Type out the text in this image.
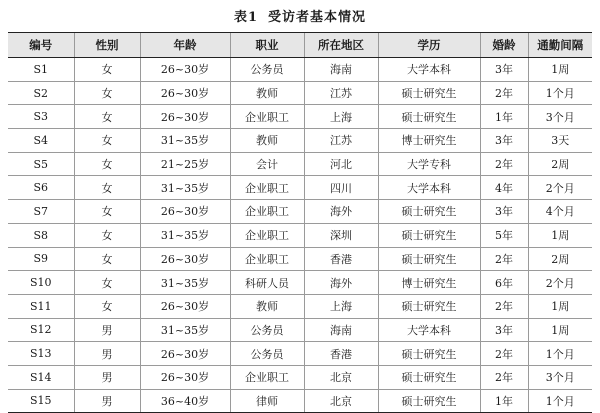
表1 受访者基本情况
编号	性别	年龄	职业	所在地区	学历	婚龄	通勤间隔
S1	女	26~30岁	公务员	海南	大学本科	3年	1周
S2	女	26~30岁	教师	江苏	硕士研究生	2年	1个月
S3	女	26~30岁	企业职工	上海	硕士研究生	1年	3个月
S4	女	31~35岁	教师	江苏	博士研究生	3年	3天
S5	女	21~25岁	会计	河北	大学专科	2年	2周
S6	女	31~35岁	企业职工	四川	大学本科	4年	2个月
S7	女	26~30岁	企业职工	海外	硕士研究生	3年	4个月
S8	女	31~35岁	企业职工	深圳	硕士研究生	5年	1周
S9	女	26~30岁	企业职工	香港	硕士研究生	2年	2周
S10	女	31~35岁	科研人员	海外	博士研究生	6年	2个月
S11	女	26~30岁	教师	上海	硕士研究生	2年	1周
S12	男	31~35岁	公务员	海南	大学本科	3年	1周
S13	男	26~30岁	公务员	香港	硕士研究生	2年	1个月
S14	男	26~30岁	企业职工	北京	硕士研究生	2年	3个月
S15	男	36~40岁	律师	北京	硕士研究生	1年	1个月
